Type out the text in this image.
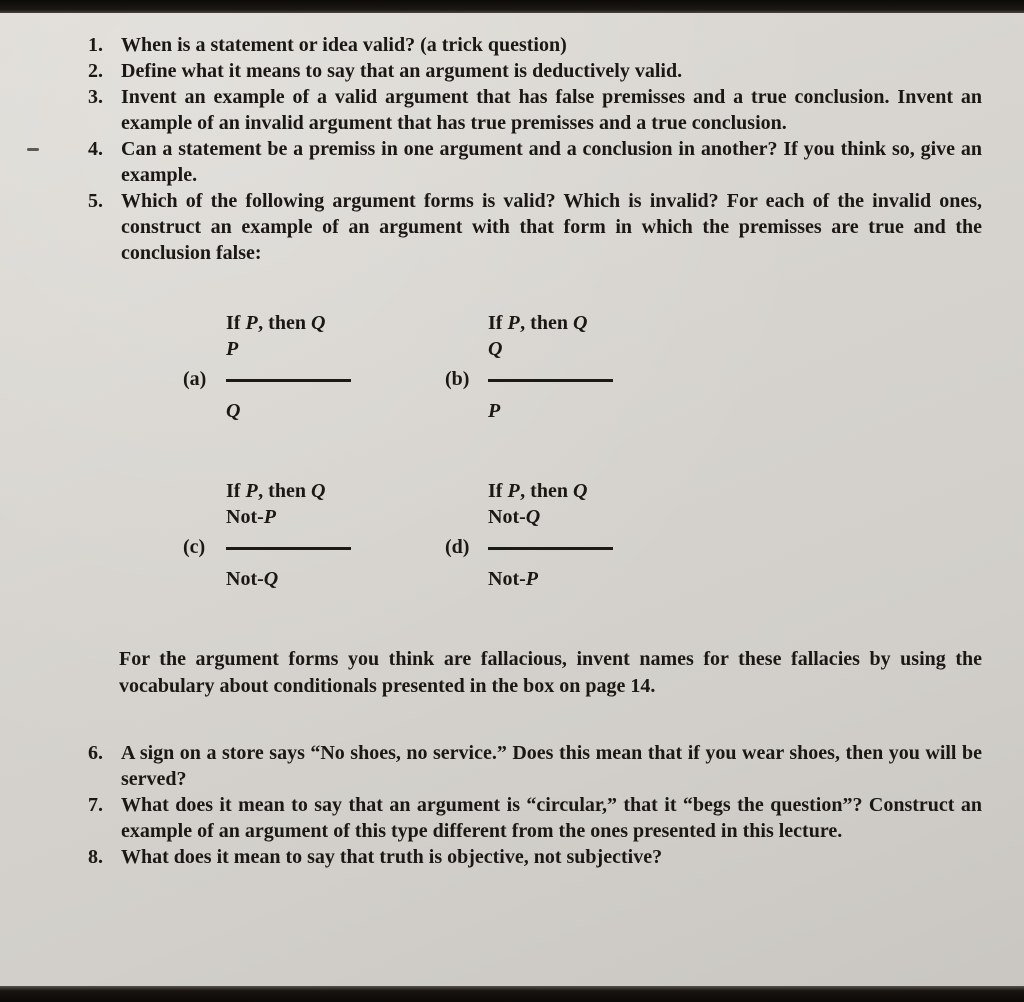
1. When is a statement or idea valid? (a trick question)
2. Define what it means to say that an argument is deductively valid.
3. Invent an example of a valid argument that has false premisses and a true conclusion. Invent an example of an invalid argument that has true premisses and a true conclusion.
4. Can a statement be a premiss in one argument and a conclusion in another? If you think so, give an example.
5. Which of the following argument forms is valid? Which is invalid? For each of the invalid ones, construct an example of an argument with that form in which the premisses are true and the conclusion false:
If P, then Q
P
(a)
Q
If P, then Q
Q
(b)
P
If P, then Q
Not-P
(c)
Not-Q
If P, then Q
Not-Q
(d)
Not-P
For the argument forms you think are fallacious, invent names for these fallacies by using the vocabulary about conditionals presented in the box on page 14.
6. A sign on a store says “No shoes, no service.” Does this mean that if you wear shoes, then you will be served?
7. What does it mean to say that an argument is “circular,” that it “begs the question”? Construct an example of an argument of this type different from the ones presented in this lecture.
8. What does it mean to say that truth is objective, not subjective?
